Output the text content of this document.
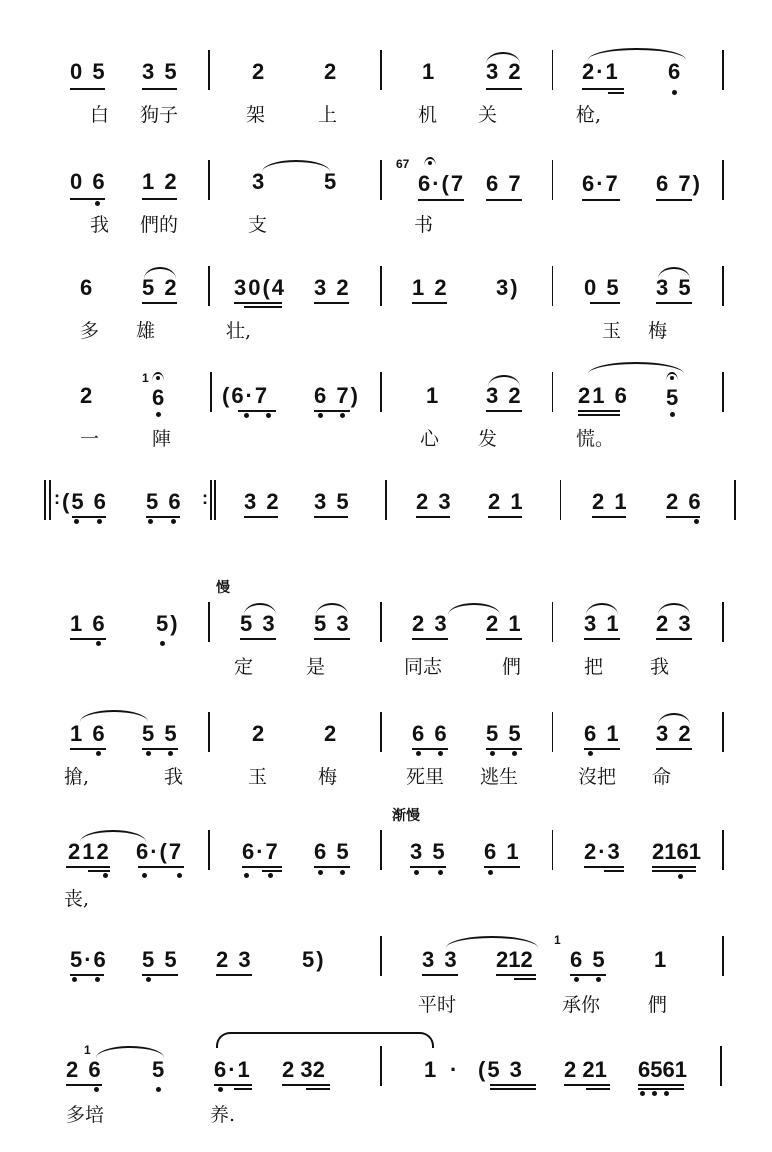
0 5 3 5	2	2	1 3 2	2·1 6
白 狗子	架	上	机 关	枪,
0 6 1 2	3	5
67
6·(7 6 7	6·7 6 7)
我 們的	支	书
6 5 2	30(4 3 2	1 2 3)	0 5 3 5
多 雄	壮,	玉 梅
2
1
6	(6·7 6 7)	1 3 2	21 6 5
一	陣	心 发	慌。
: (5 6 5 6 : 3 2 3 5	2 3 2 1	2 1 2 6
慢
1 6 5)	5 3 5 3	2 3 2 1	3 1 2 3
定	是	同志	們	把 我
1 6 5 5	2	2	6 6 5 5	6 1 3 2
搶,	我	玉	梅	死里 逃生	沒把 命
渐慢
212 6·(7	6·7 6 5	3 5 6 1	2·3 2161
丧,
5·6 5 5 2 3 5)	3 3 212
1
6 5 1
平时	承你	們
1
2 6 5 6·1 2 32	1 · (5 3 2 21 6561
多培	养.
